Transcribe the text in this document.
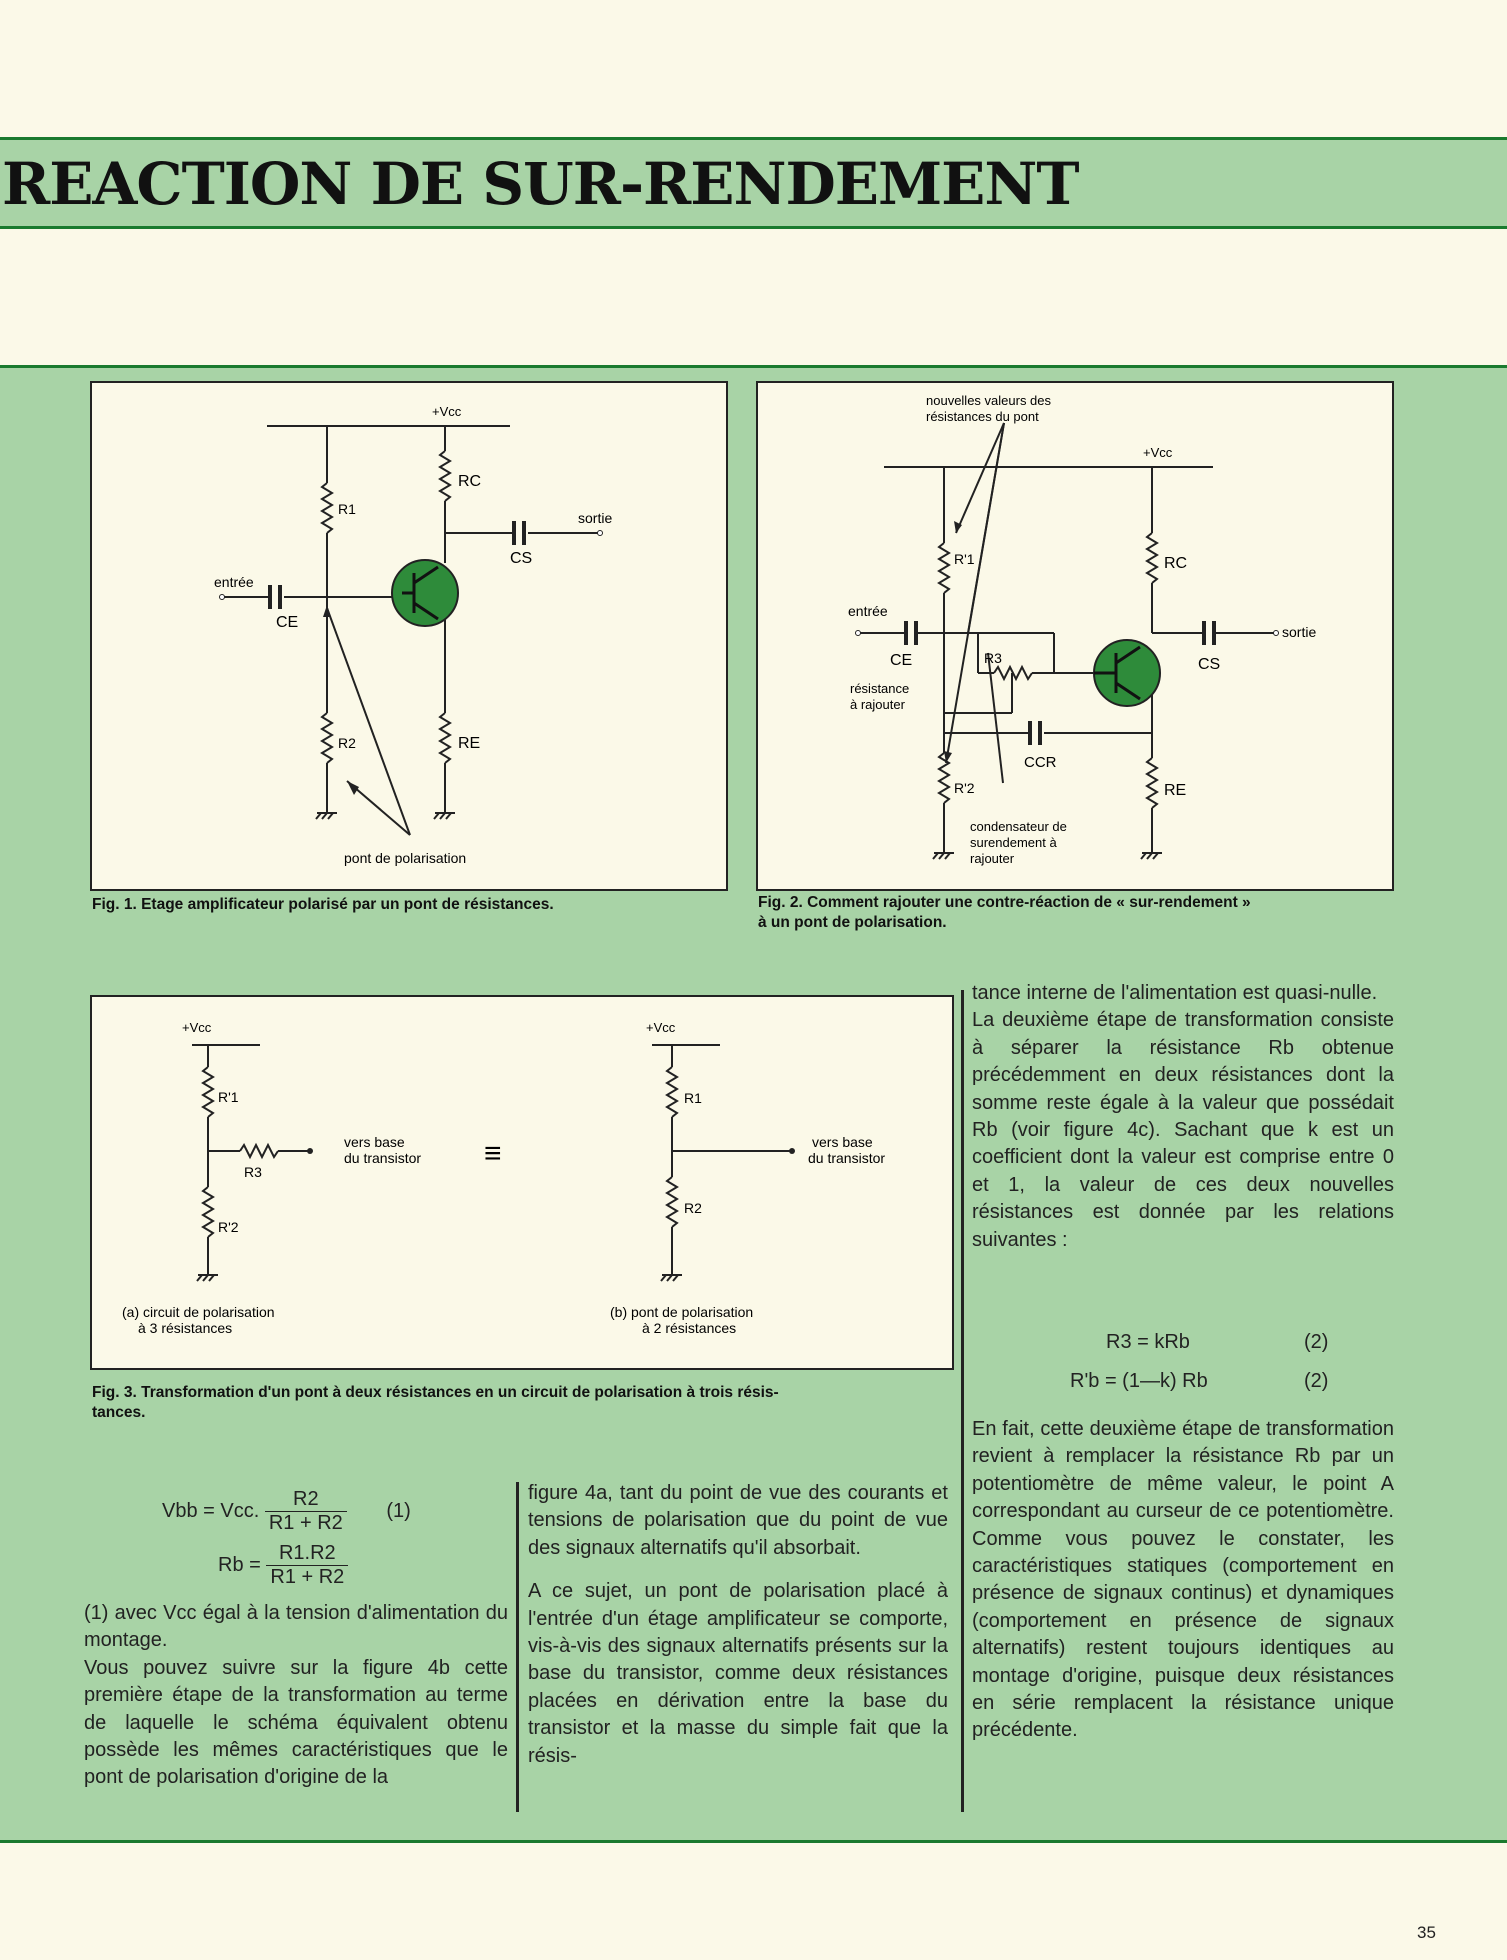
REACTION DE SUR-RENDEMENT
+Vcc
R1
RC
CS
sortie
entrée
CE
R2	RE
pont de polarisation
Fig. 1. Etage amplificateur polarisé par un pont de résistances.
nouvelles valeurs des
résistances du pont
+Vcc
R'1	RC
entrée
sortie
CE	CS
R3
résistance
à rajouter
CCR
R'2	RE
condensateur de
surendement à
rajouter
Fig. 2. Comment rajouter une contre-réaction de « sur-rendement »
à un pont de polarisation.
+Vcc	+Vcc
R'1
R'2
R3
R1
R2
vers base
du transistor
vers base
du transistor
≡
(a) circuit de polarisation
à 3 résistances
(b) pont de polarisation
à 2 résistances
Fig. 3. Transformation d'un pont à deux résistances en un circuit de polarisation à trois résis-
tances.
Vbb = Vcc. $\frac{R2}{R1 + R2} (1)$
$Rb = \frac{R1.R2}{R1 + R2}$

(1) avec Vcc égal à la tension d'alimentation du montage.
Vous pouvez suivre sur la figure 4b cette première étape de la transformation au terme de laquelle le schéma équivalent obtenu possède les mêmes caractéristiques que le pont de polarisation d'origine de la

figure 4a, tant du point de vue des courants et tensions de polarisation que du point de vue des signaux alternatifs qu'il absorbait.

A ce sujet, un pont de polarisation placé à l'entrée d'un étage amplificateur se comporte, vis-à-vis des signaux alternatifs présents sur la base du transistor, comme deux résistances placées en dérivation entre la base du transistor et la masse du simple fait que la résis-

tance interne de l'alimentation est quasi-nulle.

La deuxième étape de transformation consiste à séparer la résistance Rb obtenue précédemment en deux résistances dont la somme reste égale à la valeur que possédait Rb (voir figure 4c). Sachant que k est un coefficient dont la valeur est comprise entre 0 et 1, la valeur de ces deux nouvelles résistances est donnée par les relations suivantes :

R3 = kRb	(2)
R'b = (1—k) Rb	(2)

En fait, cette deuxième étape de transformation revient à remplacer la résistance Rb par un potentiomètre de même valeur, le point A correspondant au curseur de ce potentiomètre. Comme vous pouvez le constater, les caractéristiques statiques (comportement en présence de signaux continus) et dynamiques (comportement en présence de signaux alternatifs) restent toujours identiques au montage d'origine, puisque deux résistances en série remplacent la résistance unique précédente.

35
